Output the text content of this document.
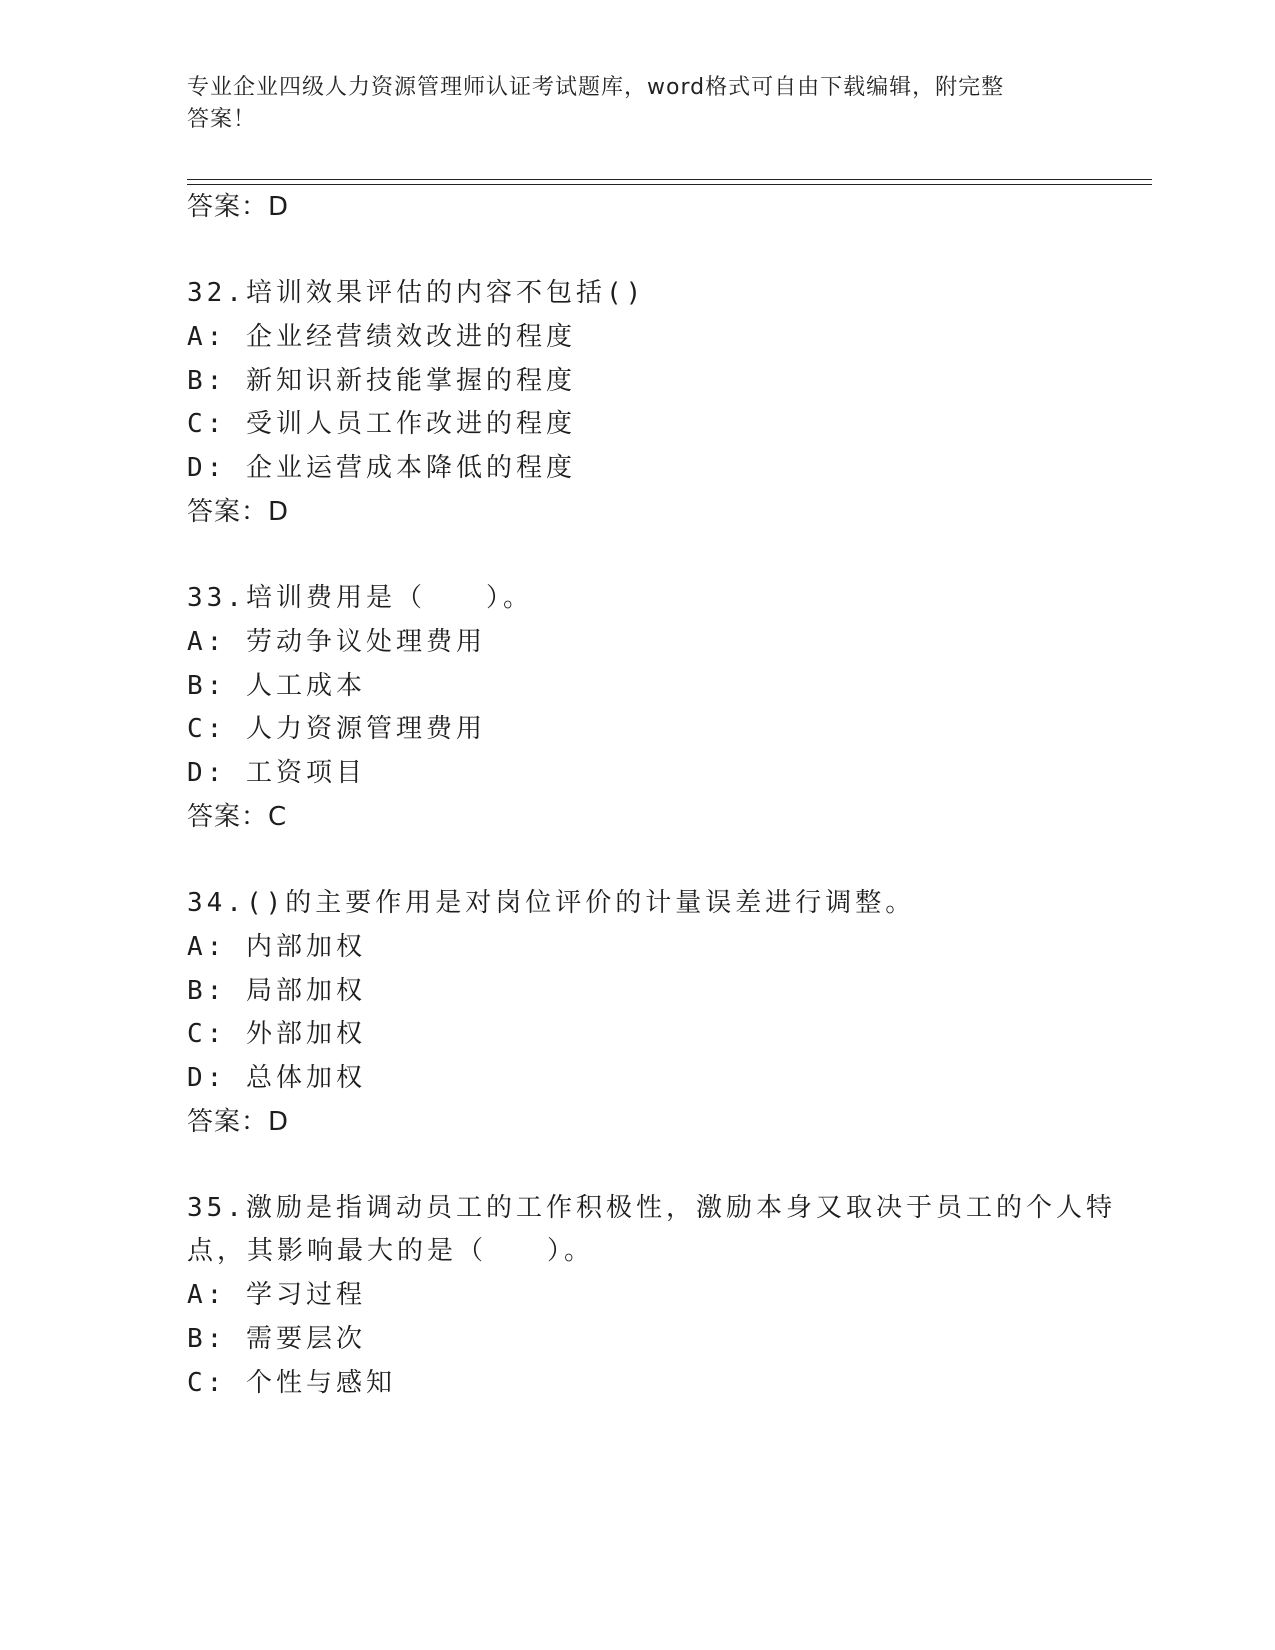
专业企业四级人力资源管理师认证考试题库，word格式可自由下载编辑，附完整
答案！
答案：D
32.培训效果评估的内容不包括()
A: 企业经营绩效改进的程度
B: 新知识新技能掌握的程度
C: 受训人员工作改进的程度
D: 企业运营成本降低的程度
答案：D
33.培训费用是（　　）。
A: 劳动争议处理费用
B: 人工成本
C: 人力资源管理费用
D: 工资项目
答案：C
34.()的主要作用是对岗位评价的计量误差进行调整。
A: 内部加权
B: 局部加权
C: 外部加权
D: 总体加权
答案：D
35.激励是指调动员工的工作积极性，激励本身又取决于员工的个人特
点，其影响最大的是（　　）。
A: 学习过程
B: 需要层次
C: 个性与感知
